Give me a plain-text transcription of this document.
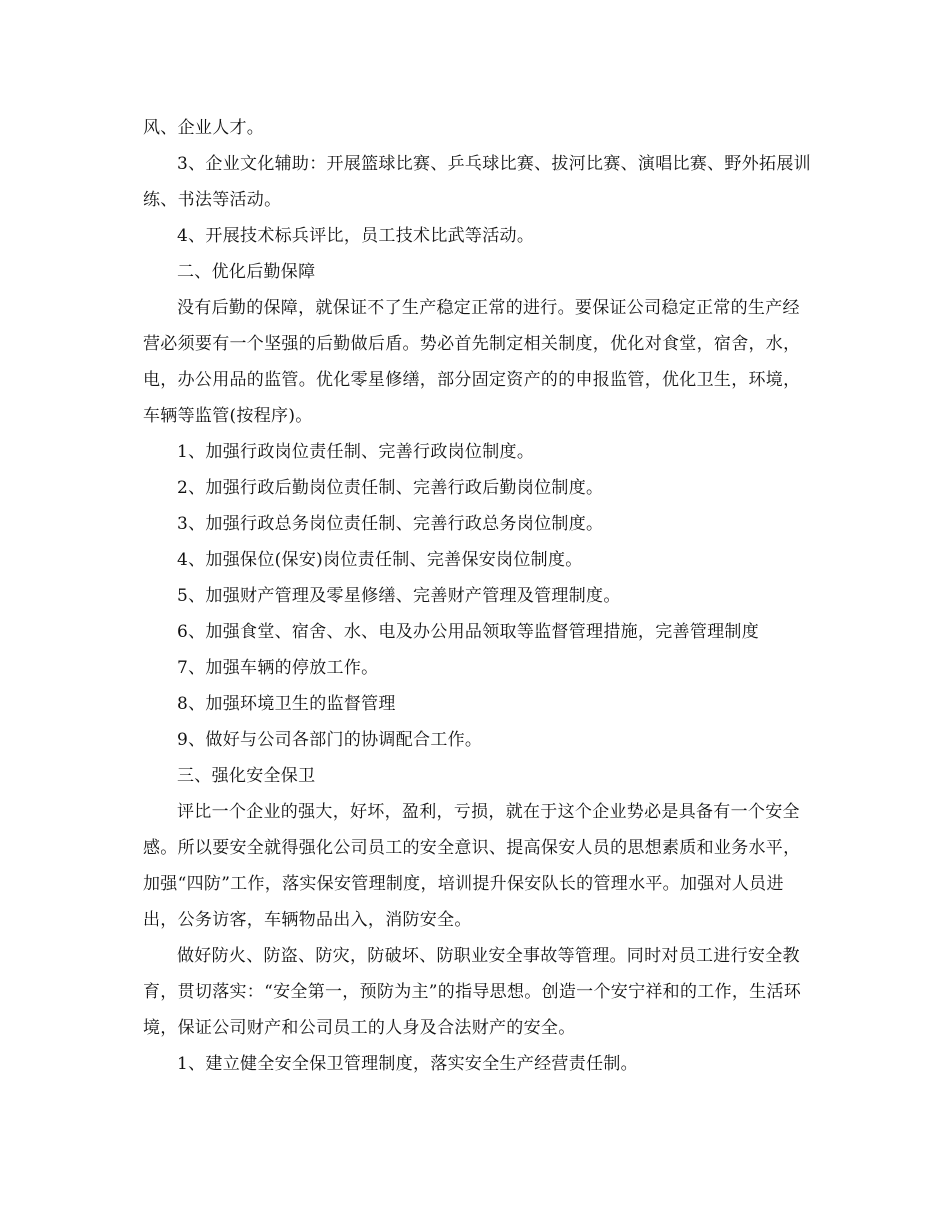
风、企业人才。

3、企业文化辅助：开展篮球比赛、乒乓球比赛、拔河比赛、演唱比赛、野外拓展训练、书法等活动。

4、开展技术标兵评比，员工技术比武等活动。

二、优化后勤保障

没有后勤的保障，就保证不了生产稳定正常的进行。要保证公司稳定正常的生产经营必须要有一个坚强的后勤做后盾。势必首先制定相关制度，优化对食堂，宿舍，水，电，办公用品的监管。优化零星修缮，部分固定资产的的申报监管，优化卫生，环境，车辆等监管(按程序)。

1、加强行政岗位责任制、完善行政岗位制度。

2、加强行政后勤岗位责任制、完善行政后勤岗位制度。

3、加强行政总务岗位责任制、完善行政总务岗位制度。

4、加强保位(保安)岗位责任制、完善保安岗位制度。

5、加强财产管理及零星修缮、完善财产管理及管理制度。

6、加强食堂、宿舍、水、电及办公用品领取等监督管理措施，完善管理制度

7、加强车辆的停放工作。

8、加强环境卫生的监督管理

9、做好与公司各部门的协调配合工作。

三、强化安全保卫

评比一个企业的强大，好坏，盈利，亏损，就在于这个企业势必是具备有一个安全感。所以要安全就得强化公司员工的安全意识、提高保安人员的思想素质和业务水平，加强“四防”工作，落实保安管理制度，培训提升保安队长的管理水平。加强对人员进出，公务访客，车辆物品出入，消防安全。

做好防火、防盗、防灾，防破坏、防职业安全事故等管理。同时对员工进行安全教育，贯切落实：“安全第一，预防为主”的指导思想。创造一个安宁祥和的工作，生活环境，保证公司财产和公司员工的人身及合法财产的安全。

1、建立健全安全保卫管理制度，落实安全生产经营责任制。
